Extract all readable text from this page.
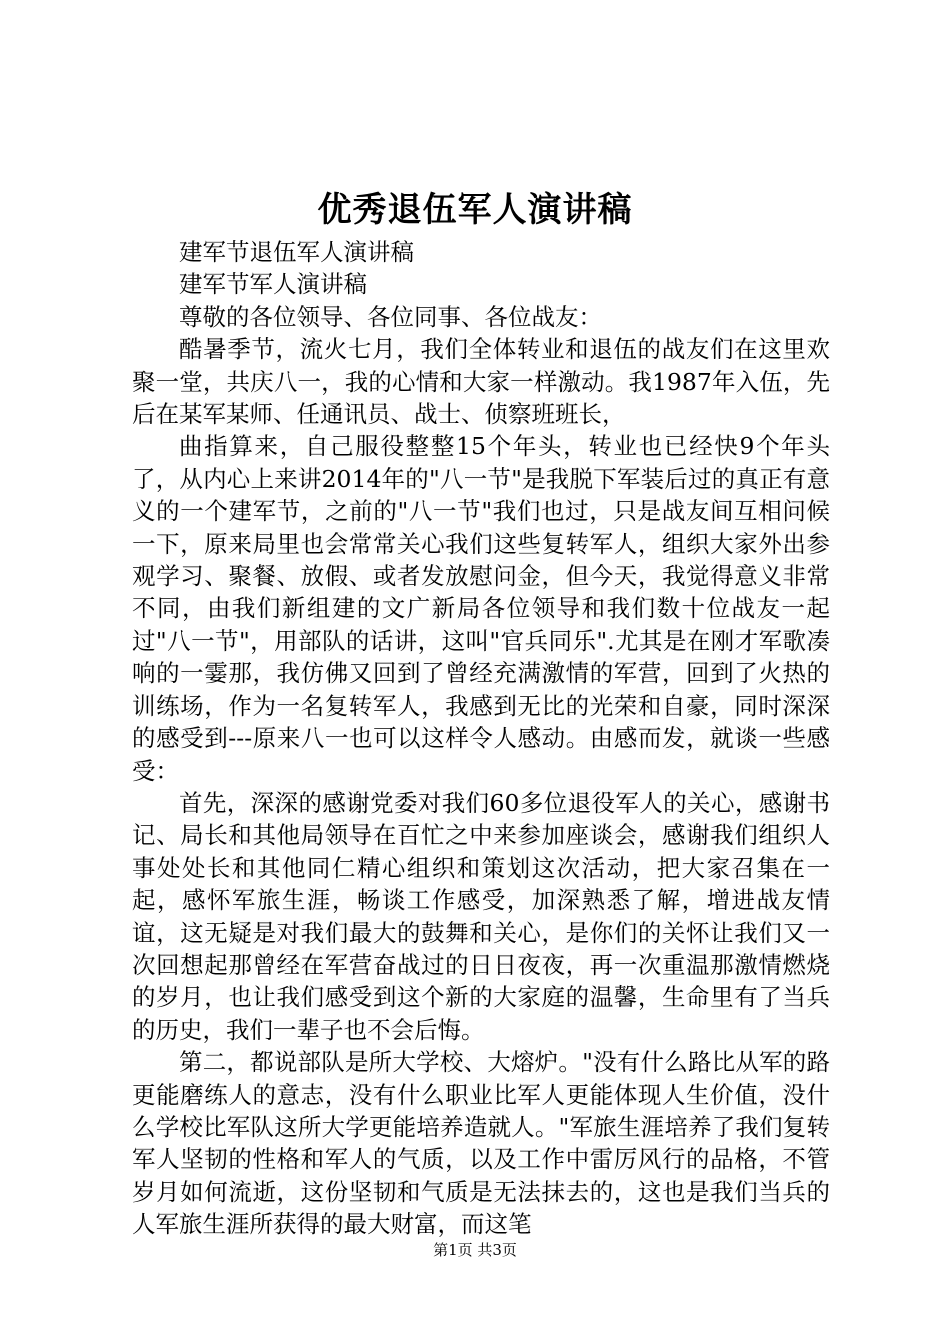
优秀退伍军人演讲稿

建军节退伍军人演讲稿

建军节军人演讲稿

尊敬的各位领导、各位同事、各位战友：

酷暑季节，流火七月，我们全体转业和退伍的战友们在这里欢聚一堂，共庆八一，我的心情和大家一样激动。我1987年入伍，先后在某军某师、任通讯员、战士、侦察班班长，

曲指算来，自己服役整整15个年头，转业也已经快9个年头了，从内心上来讲2014年的"八一节"是我脱下军装后过的真正有意义的一个建军节，之前的"八一节"我们也过，只是战友间互相问候一下，原来局里也会常常关心我们这些复转军人，组织大家外出参观学习、聚餐、放假、或者发放慰问金，但今天，我觉得意义非常不同，由我们新组建的文广新局各位领导和我们数十位战友一起过"八一节"，用部队的话讲，这叫"官兵同乐".尤其是在刚才军歌凑响的一霎那，我仿佛又回到了曾经充满激情的军营，回到了火热的训练场，作为一名复转军人，我感到无比的光荣和自豪，同时深深的感受到---原来八一也可以这样令人感动。由感而发，就谈一些感受：

首先，深深的感谢党委对我们60多位退役军人的关心，感谢书记、局长和其他局领导在百忙之中来参加座谈会，感谢我们组织人事处处长和其他同仁精心组织和策划这次活动，把大家召集在一起，感怀军旅生涯，畅谈工作感受，加深熟悉了解，增进战友情谊，这无疑是对我们最大的鼓舞和关心，是你们的关怀让我们又一次回想起那曾经在军营奋战过的日日夜夜，再一次重温那激情燃烧的岁月，也让我们感受到这个新的大家庭的温馨，生命里有了当兵的历史，我们一辈子也不会后悔。

第二，都说部队是所大学校、大熔炉。"没有什么路比从军的路更能磨练人的意志，没有什么职业比军人更能体现人生价值，没什么学校比军队这所大学更能培养造就人。"军旅生涯培养了我们复转军人坚韧的性格和军人的气质，以及工作中雷厉风行的品格，不管岁月如何流逝，这份坚韧和气质是无法抹去的，这也是我们当兵的人军旅生涯所获得的最大财富，而这笔

第1页 共3页
